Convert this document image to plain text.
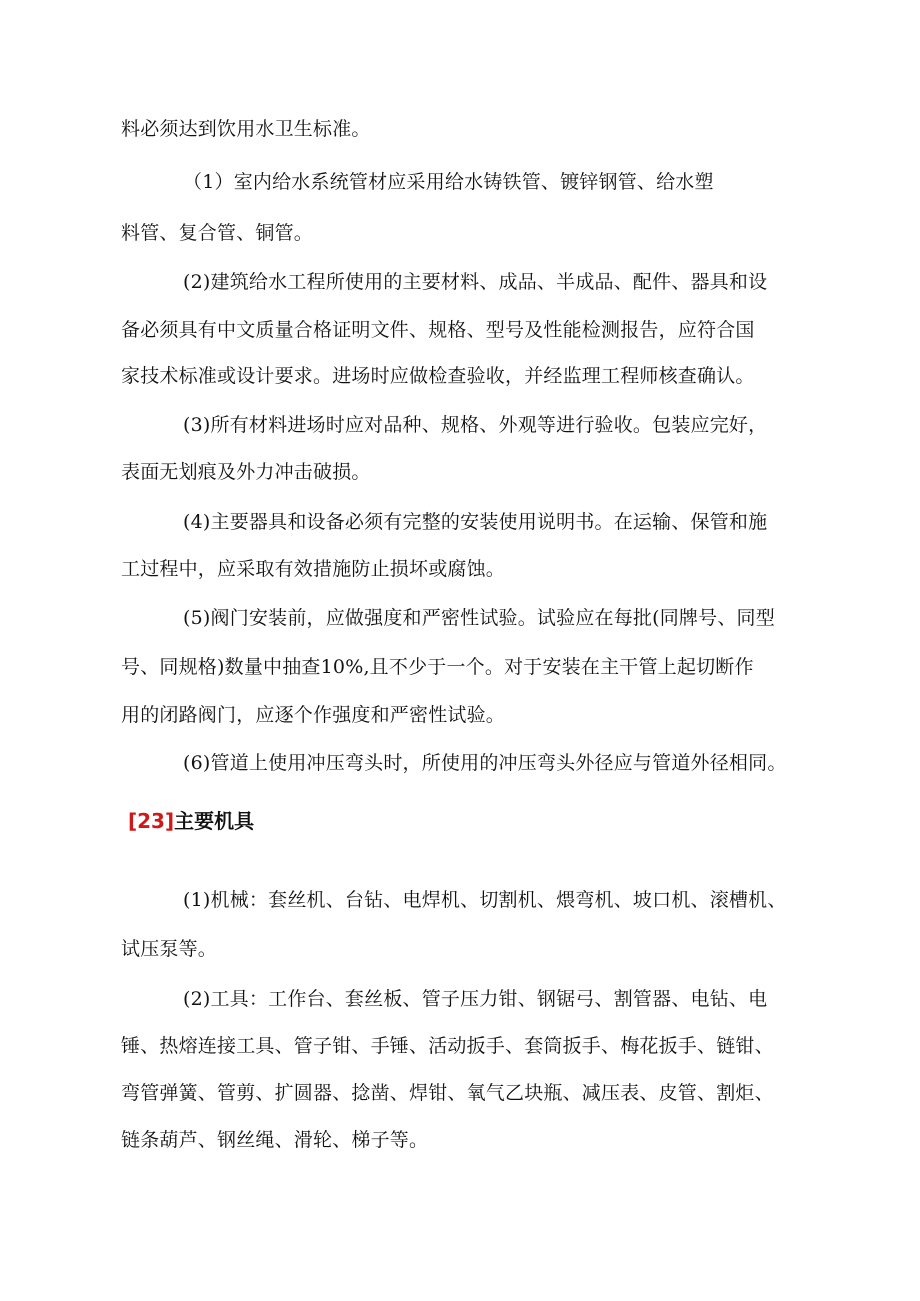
料必须达到饮用水卫生标准。
（1）室内给水系统管材应采用给水铸铁管、镀锌钢管、给水塑
料管、复合管、铜管。
(2)建筑给水工程所使用的主要材料、成品、半成品、配件、器具和设
备必须具有中文质量合格证明文件、规格、型号及性能检测报告，应符合国
家技术标准或设计要求。进场时应做检查验收，并经监理工程师核查确认。
(3)所有材料进场时应对品种、规格、外观等进行验收。包装应完好，
表面无划痕及外力冲击破损。
(4)主要器具和设备必须有完整的安装使用说明书。在运输、保管和施
工过程中，应采取有效措施防止损坏或腐蚀。
(5)阀门安装前，应做强度和严密性试验。试验应在每批(同牌号、同型
号、同规格)数量中抽查10%,且不少于一个。对于安装在主干管上起切断作
用的闭路阀门，应逐个作强度和严密性试验。
(6)管道上使用冲压弯头时，所使用的冲压弯头外径应与管道外径相同。
[23]主要机具
(1)机械：套丝机、台钻、电焊机、切割机、煨弯机、坡口机、滚槽机、
试压泵等。
(2)工具：工作台、套丝板、管子压力钳、钢锯弓、割管器、电钻、电
锤、热熔连接工具、管子钳、手锤、活动扳手、套筒扳手、梅花扳手、链钳、
弯管弹簧、管剪、扩圆器、捻凿、焊钳、氧气乙块瓶、减压表、皮管、割炬、
链条葫芦、钢丝绳、滑轮、梯子等。
